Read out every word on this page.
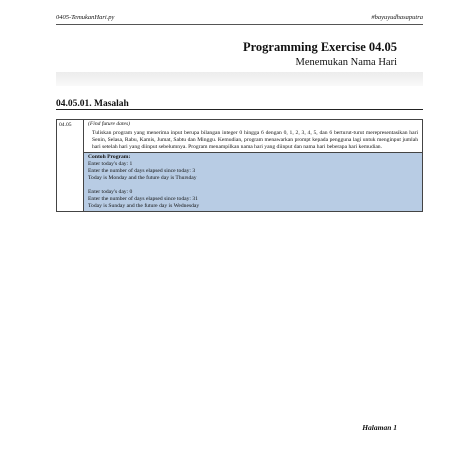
0405-TemukanHari.py	#bayuyudhasaputra
Programming Exercise 04.05
Menemukan Nama Hari
04.05.01. Masalah
04.05	(Find future dates)
Tuliskan program yang menerima input berupa bilangan integer 0 hingga 6 dengan 0, 1, 2, 3, 4, 5, dan 6 berturut-turut merepresentasikan hari Senin, Selasa, Rabu, Kamis, Jumat, Sabtu dan Minggu. Kemudian, program menawarkan prompt kepada pengguna lagi untuk menginput jumlah hari setelah hari yang diinput sebelumnya. Program menampilkan nama hari yang diinput dan nama hari beberapa hari kemudian.

Contoh Program:
Enter today's day: 1
Enter the number of days elapsed since today: 3
Today is Monday and the future day is Thursday
Enter today's day: 0
Enter the number of days elapsed since today: 31
Today is Sunday and the future day is Wednesday
Halaman 1
